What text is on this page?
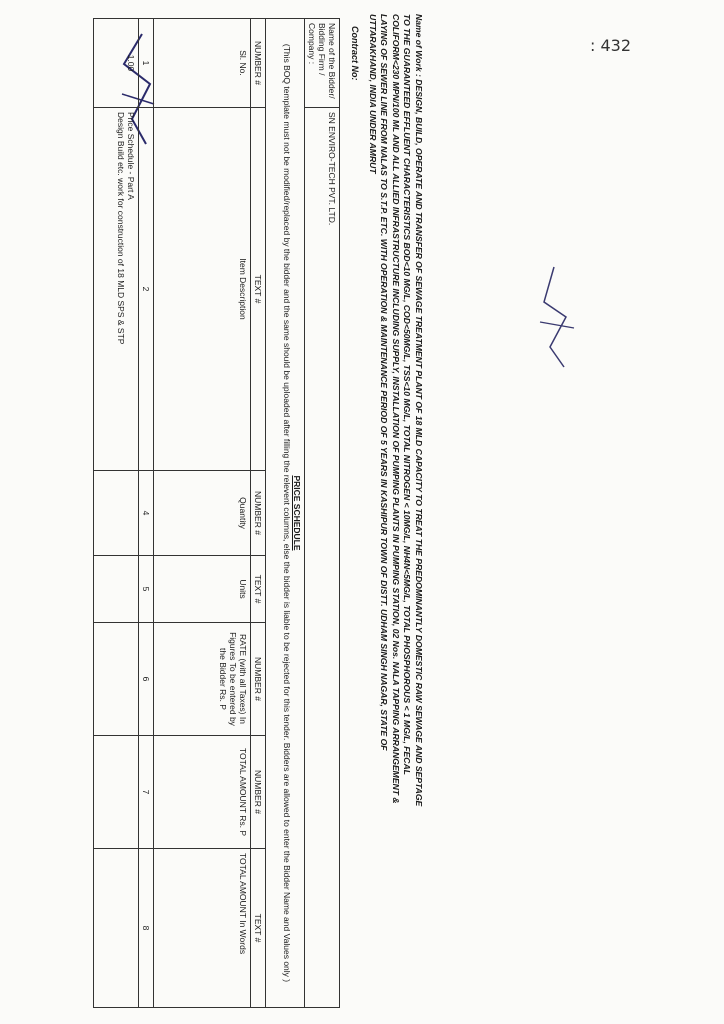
: 432
Name of Work : DESIGN, BUILD, OPERATE AND TRANSFER OF SEWAGE TREATMENT PLANT OF 18 MLD CAPACITY TO TREAT THE PREDOMINANTLY DOMESTIC RAW SEWAGE AND SEPTAGE
TO THE GUARANTEED EFFLUENT CHARACTERISTICS BOD<10 MG/L, COD<50MG/L, TSS<10 MG/L, TOTAL NITROGEN < 10MG/L, NH4N<5MG/L, TOTAL PHOSPHOROUS < 1 MG/L, FECAL
COLIFORM<230 MPN/100 ML AND ALL ALLIED INFRASTRUCTURE INCLUDING SUPPLY, INSTALLATION OF PUMPING PLANTS IN PUMPING STATION, 02 Nos. NALA TAPPING ARRANGEMENT &
LAYING OF SEWER LINE FROM NALAS TO S.T.P. ETC. WITH OPERATION & MAINTENANCE PERIOD OF 5 YEARS IN KASHIPUR TOWN OF DISTT. UDHAM SINGH NAGAR, STATE OF
UTTARAKHAND, INDIA UNDER AMRUT
Contract No:
Name of the Bidder/ Bidding Firm / Company :	SN ENVIRO-TECH PVT. LTD.					

PRICE SCHEDULE
(This BOQ template must not be modified/replaced by the bidder and the same should be uploaded after filling the relevent columns, else the bidder is liable to be rejected for this tender. Bidders are allowed to enter the Bidder Name and Values only )						

NUMBER #	TEXT #	NUMBER #	TEXT #	NUMBER #	NUMBER #	TEXT #
Sl. No.	Item Description	Quantity	Units	RATE (with all Taxes) In Figures To be entered by the Bidder Rs. P	TOTAL AMOUNT Rs. P	TOTAL AMOUNT In Words
1	2	4	5	6	7	8
1.00	Price Schedule - Part A
Design Build etc. work for construction of 18 MLD SPS & STP					
